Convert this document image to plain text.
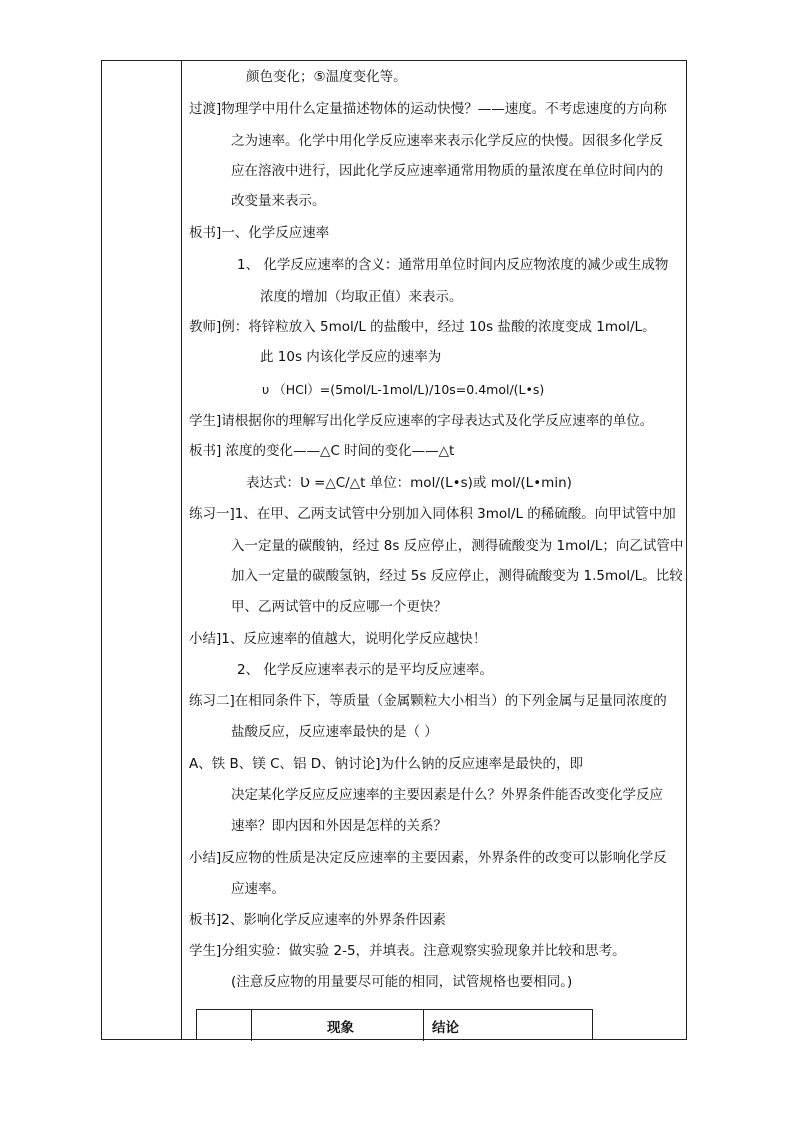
颜色变化；⑤温度变化等。
过渡]物理学中用什么定量描述物体的运动快慢？——速度。不考虑速度的方向称
之为速率。化学中用化学反应速率来表示化学反应的快慢。因很多化学反
应在溶液中进行，因此化学反应速率通常用物质的量浓度在单位时间内的
改变量来表示。
板书]一、化学反应速率
1、 化学反应速率的含义：通常用单位时间内反应物浓度的减少或生成物
浓度的增加（均取正值）来表示。
教师]例：将锌粒放入 5mol/L 的盐酸中，经过 10s 盐酸的浓度变成 1mol/L。
此 10s 内该化学反应的速率为
υ （HCl）=(5mol/L-1mol/L)/10s=0.4mol/(L•s)
学生]请根据你的理解写出化学反应速率的字母表达式及化学反应速率的单位。
板书] 浓度的变化——△C 时间的变化——△t
表达式：Ʋ =△C/△t 单位：mol/(L•s)或 mol/(L•min)
练习一]1、在甲、乙两支试管中分别加入同体积 3mol/L 的稀硫酸。向甲试管中加
入一定量的碳酸钠，经过 8s 反应停止，测得硫酸变为 1mol/L；向乙试管中
加入一定量的碳酸氢钠，经过 5s 反应停止，测得硫酸变为 1.5mol/L。比较
甲、乙两试管中的反应哪一个更快？
小结]1、反应速率的值越大，说明化学反应越快！
2、 化学反应速率表示的是平均反应速率。
练习二]在相同条件下，等质量（金属颗粒大小相当）的下列金属与足量同浓度的
盐酸反应，反应速率最快的是（ ）
A、铁 B、镁 C、铝 D、钠讨论]为什么钠的反应速率是最快的，即
决定某化学反应反应速率的主要因素是什么？外界条件能否改变化学反应
速率？即内因和外因是怎样的关系？
小结]反应物的性质是决定反应速率的主要因素，外界条件的改变可以影响化学反
应速率。
板书]2、影响化学反应速率的外界条件因素
学生]分组实验：做实验 2-5，并填表。注意观察实验现象并比较和思考。
(注意反应物的用量要尽可能的相同，试管规格也要相同。)
现象	结论
